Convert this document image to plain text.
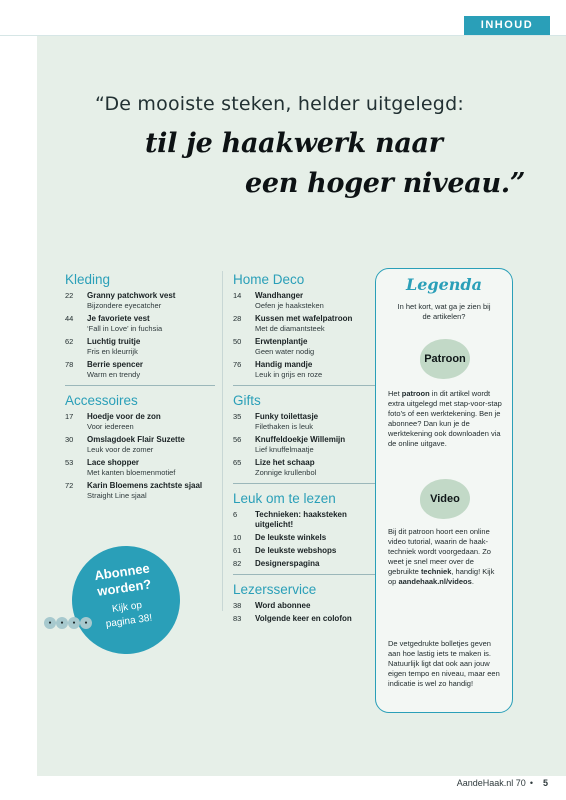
INHOUD
“De mooiste steken, helder uitgelegd:
til je haakwerk naar
een hoger niveau.”
Kleding
22	Granny patchwork vest
Bijzondere eyecatcher
44	Je favoriete vest
‘Fall in Love’ in fuchsia
62	Luchtig truitje
Fris en kleurrijk
78	Berrie spencer
Warm en trendy
Accessoires
17	Hoedje voor de zon
Voor iedereen
30	Omslagdoek Flair Suzette
Leuk voor de zomer
53	Lace shopper
Met kanten bloemenmotief
72	Karin Bloemens zachtste sjaal
Straight Line sjaal
Home Deco
14	Wandhanger
Oefen je haaksteken
28	Kussen met wafelpatroon
Met de diamantsteek
50	Erwtenplantje
Geen water nodig
76	Handig mandje
Leuk in grijs en roze
Gifts
35	Funky toilettasje
Filethaken is leuk
56	Knuffeldoekje Willemijn
Lief knuffelmaatje
65	Lize het schaap
Zonnige krullenbol
Leuk om te lezen
6	Technieken: haaksteken uitgelicht!
10	De leukste winkels
61	De leukste webshops
82	Designerspagina
Lezersservice
38	Word abonnee
83	Volgende keer en colofon
Abonnee
worden?
Kijk op
pagina 38!
Legenda
In het kort, wat ga je zien bij de artikelen?
Patroon
Het patroon in dit artikel wordt extra uitgelegd met stap-voor-stap foto’s of een werktekening. Ben je abonnee? Dan kun je de werktekening ook downloaden via de online uitgave.
Video
Bij dit patroon hoort een online video tutorial, waarin de haak-techniek wordt voorgedaan. Zo weet je snel meer over de gebruikte techniek, handig! Kijk op aandehaak.nl/videos.
De vetgedrukte bolletjes geven aan hoe lastig iets te maken is. Natuurlijk ligt dat ook aan jouw eigen tempo en niveau, maar een indicatie is wel zo handig!
●	●	●	●
AandeHaak.nl 70 • 5
